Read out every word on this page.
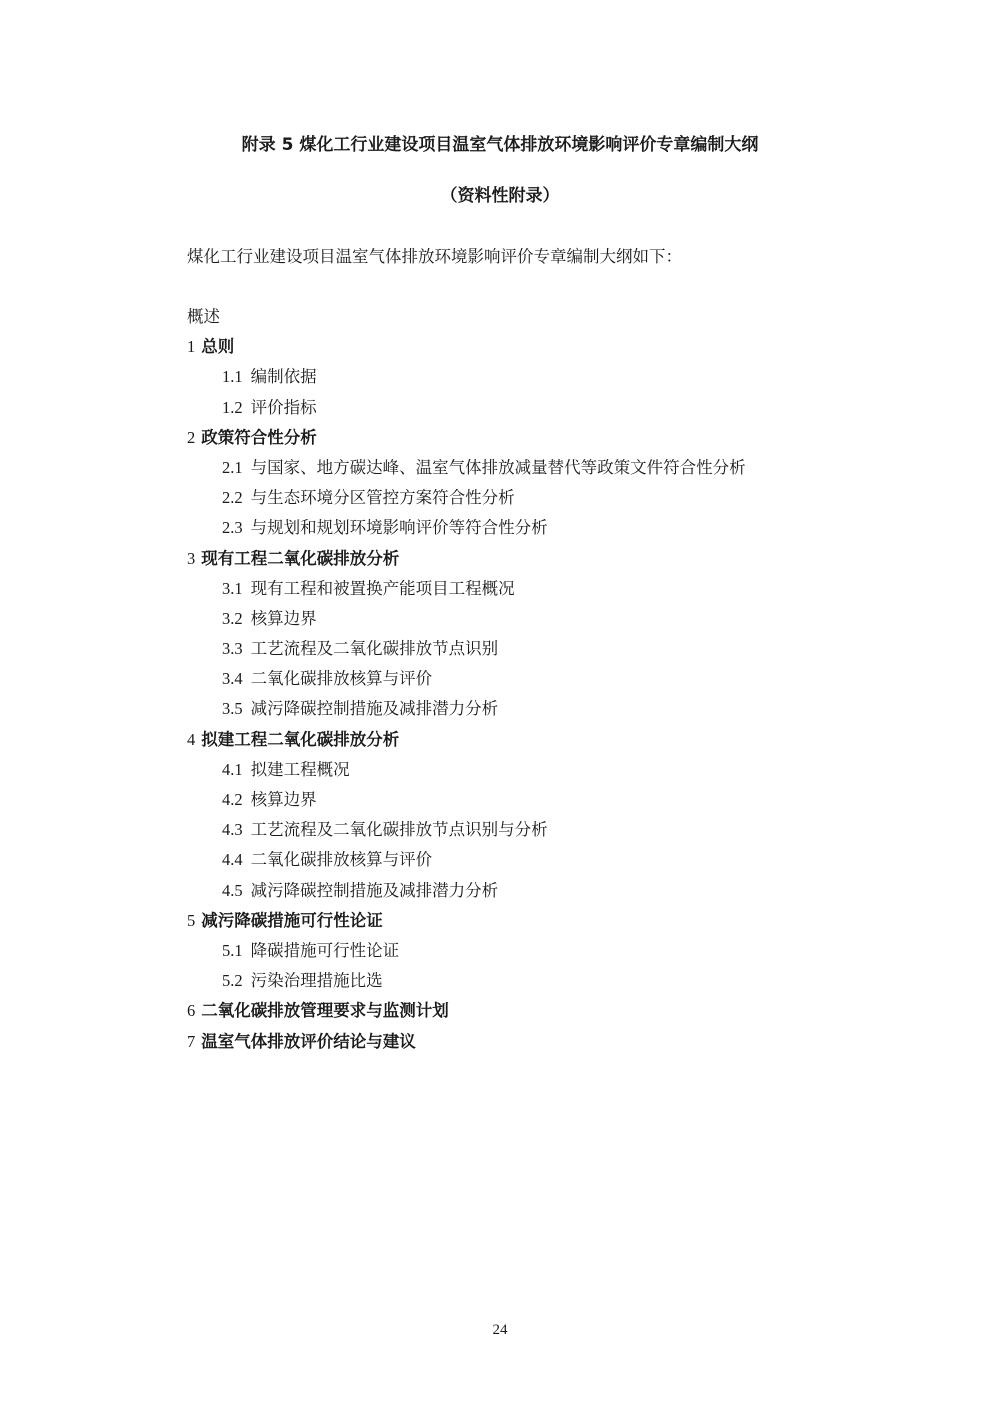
附录 5 煤化工行业建设项目温室气体排放环境影响评价专章编制大纲
（资料性附录）
煤化工行业建设项目温室气体排放环境影响评价专章编制大纲如下：
概述
1 总则
1.1 编制依据
1.2 评价指标
2 政策符合性分析
2.1 与国家、地方碳达峰、温室气体排放减量替代等政策文件符合性分析
2.2 与生态环境分区管控方案符合性分析
2.3 与规划和规划环境影响评价等符合性分析
3 现有工程二氧化碳排放分析
3.1 现有工程和被置换产能项目工程概况
3.2 核算边界
3.3 工艺流程及二氧化碳排放节点识别
3.4 二氧化碳排放核算与评价
3.5 减污降碳控制措施及减排潜力分析
4 拟建工程二氧化碳排放分析
4.1 拟建工程概况
4.2 核算边界
4.3 工艺流程及二氧化碳排放节点识别与分析
4.4 二氧化碳排放核算与评价
4.5 减污降碳控制措施及减排潜力分析
5 减污降碳措施可行性论证
5.1 降碳措施可行性论证
5.2 污染治理措施比选
6 二氧化碳排放管理要求与监测计划
7 温室气体排放评价结论与建议
24
